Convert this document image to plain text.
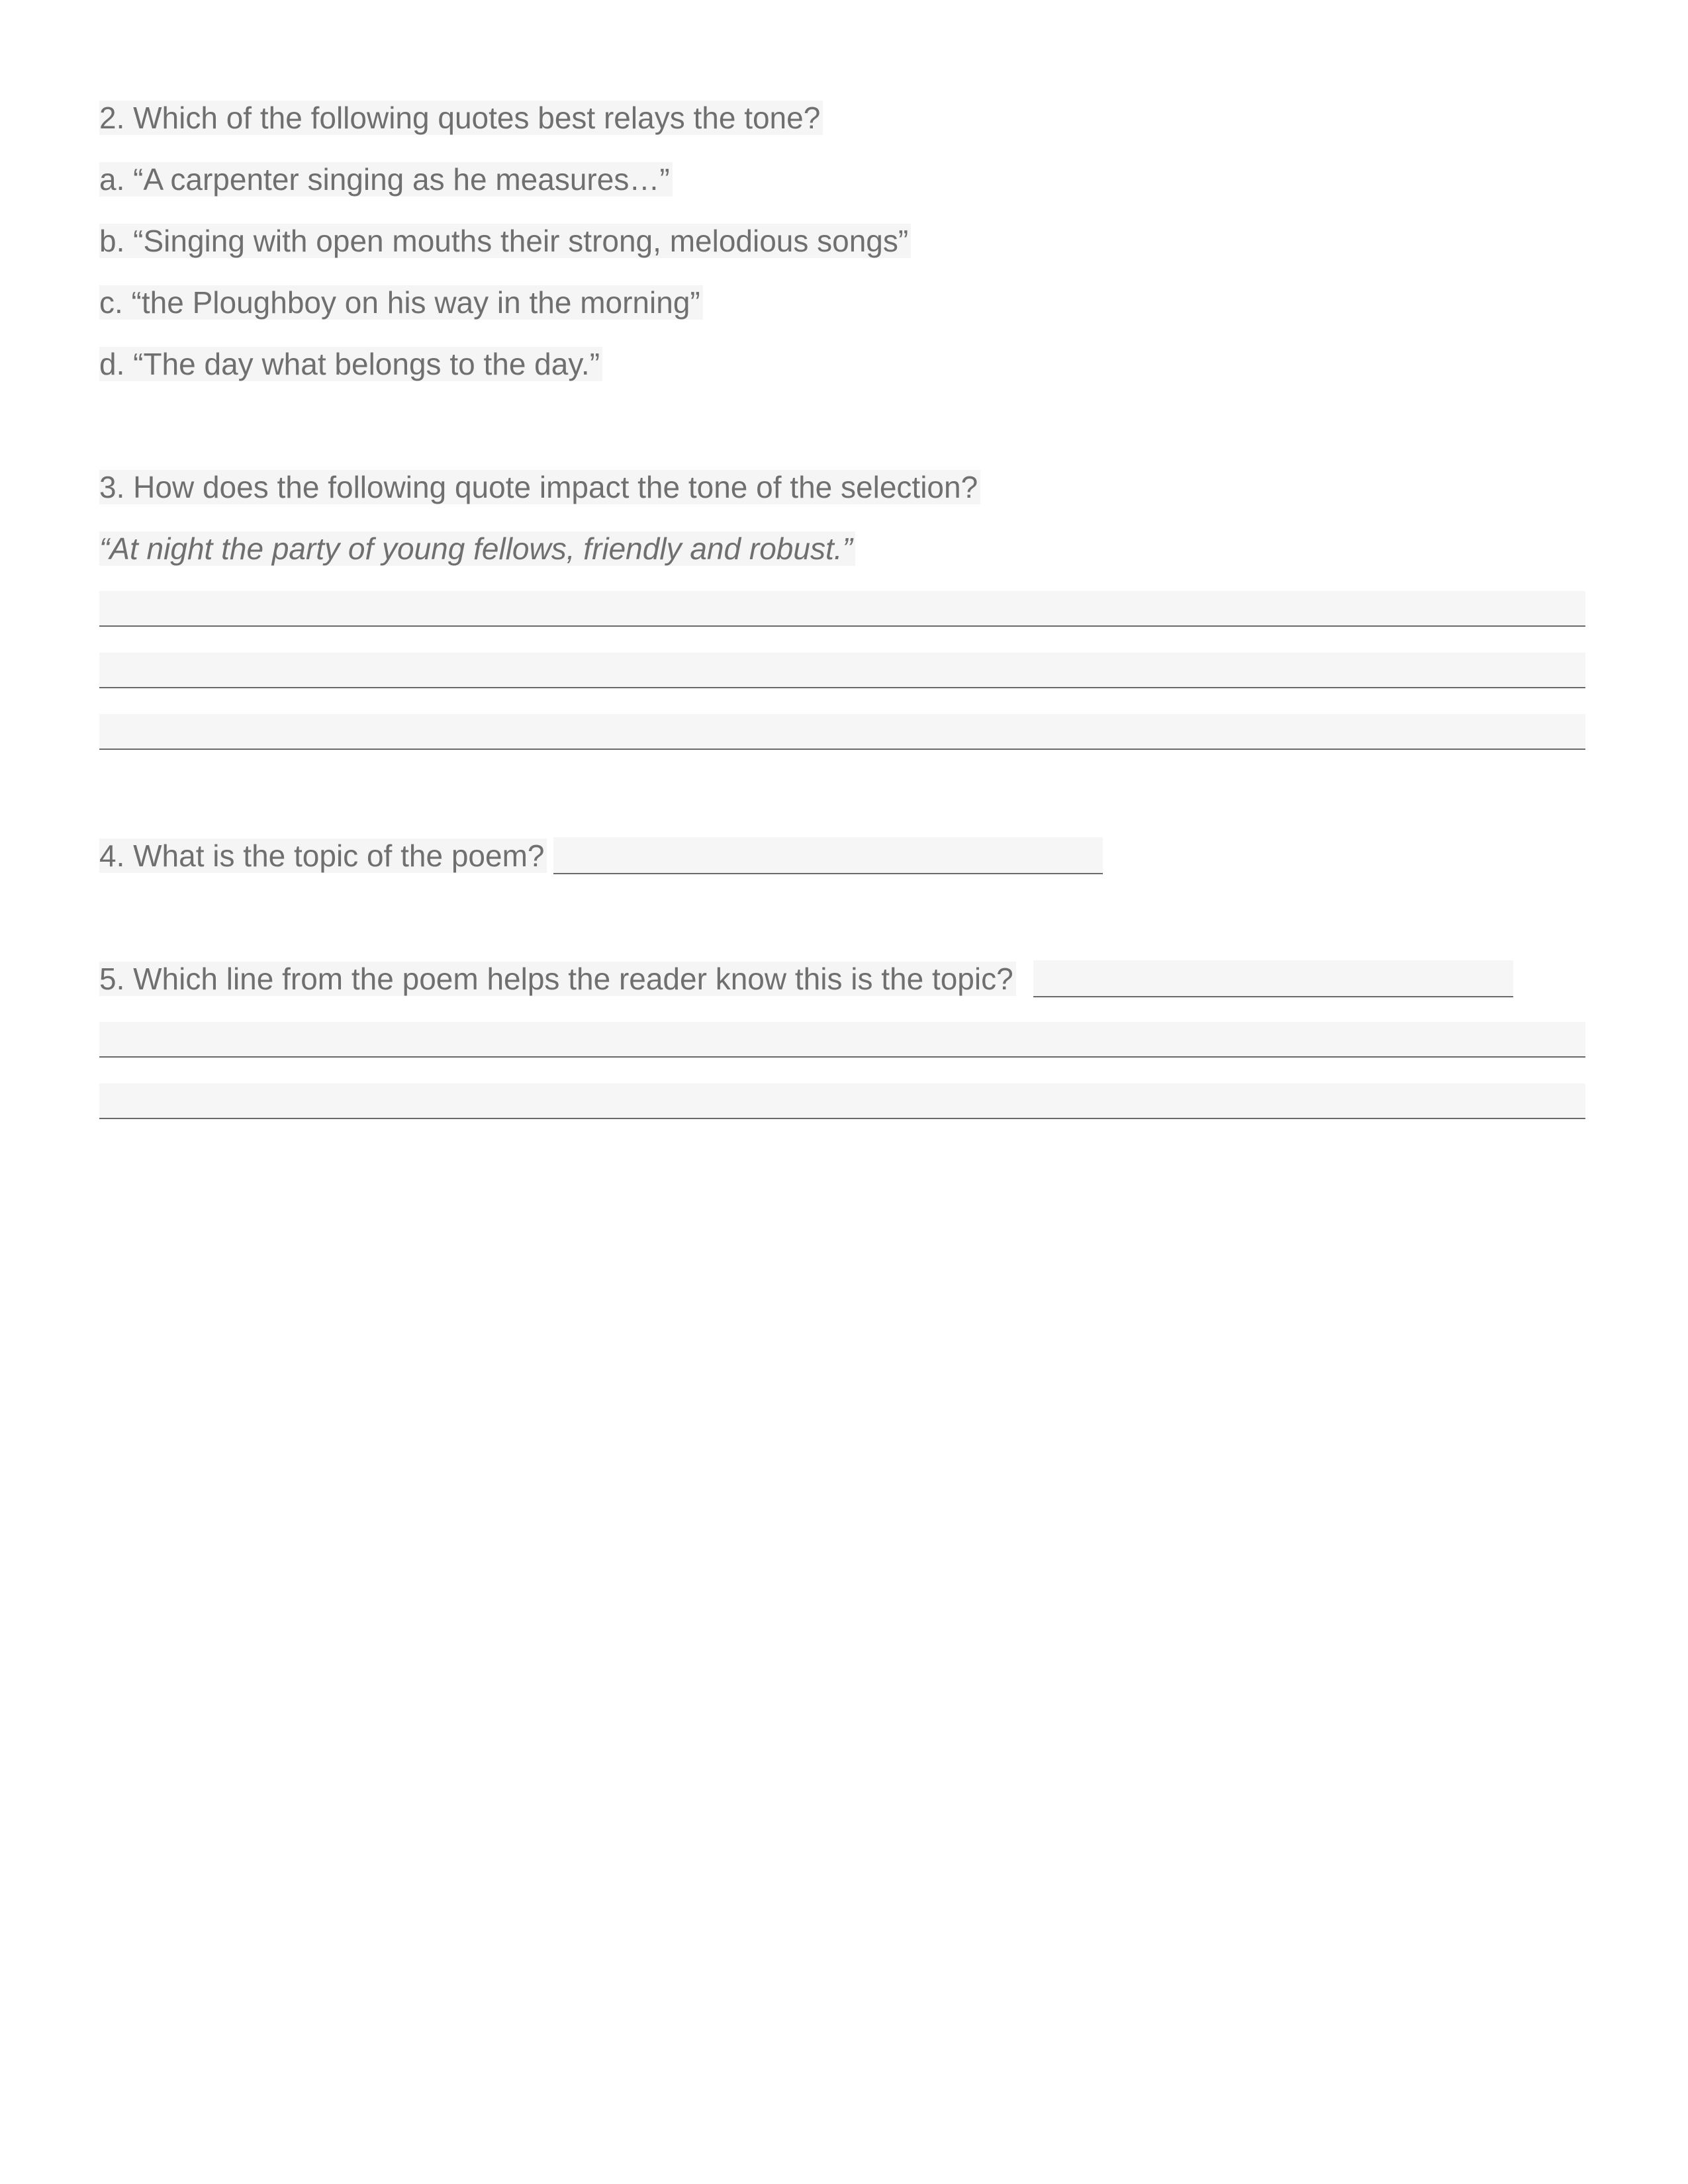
2. Which of the following quotes best relays the tone?
a. “A carpenter singing as he measures…”
b. “Singing with open mouths their strong, melodious songs”
c. “the Ploughboy on his way in the morning”
d. “The day what belongs to the day.”
3. How does the following quote impact the tone of the selection?
“At night the party of young fellows, friendly and robust.”
4. What is the topic of the poem?
5. Which line from the poem helps the reader know this is the topic?
